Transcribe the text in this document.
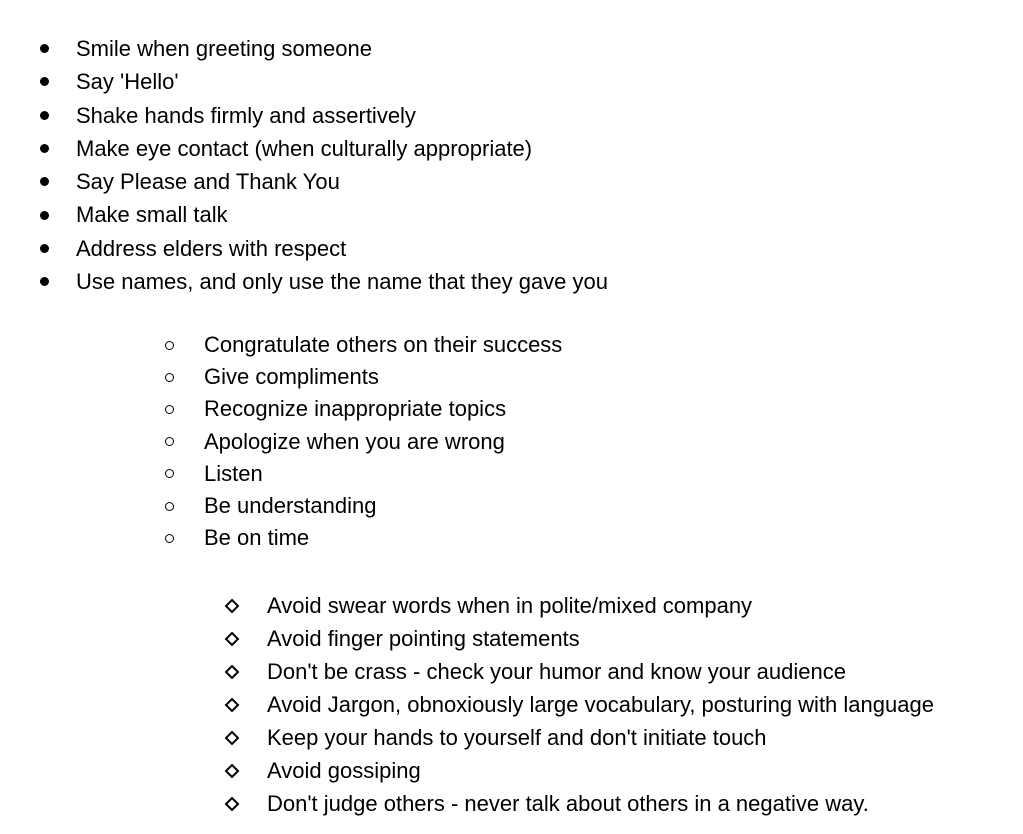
Smile when greeting someone
Say 'Hello'
Shake hands firmly and assertively
Make eye contact (when culturally appropriate)
Say Please and Thank You
Make small talk
Address elders with respect
Use names, and only use the name that they gave you
Congratulate others on their success
Give compliments
Recognize inappropriate topics
Apologize when you are wrong
Listen
Be understanding
Be on time
Avoid swear words when in polite/mixed company
Avoid finger pointing statements
Don't be crass - check your humor and know your audience
Avoid Jargon, obnoxiously large vocabulary, posturing with language
Keep your hands to yourself and don't initiate touch
Avoid gossiping
Don't judge others - never talk about others in a negative way.
